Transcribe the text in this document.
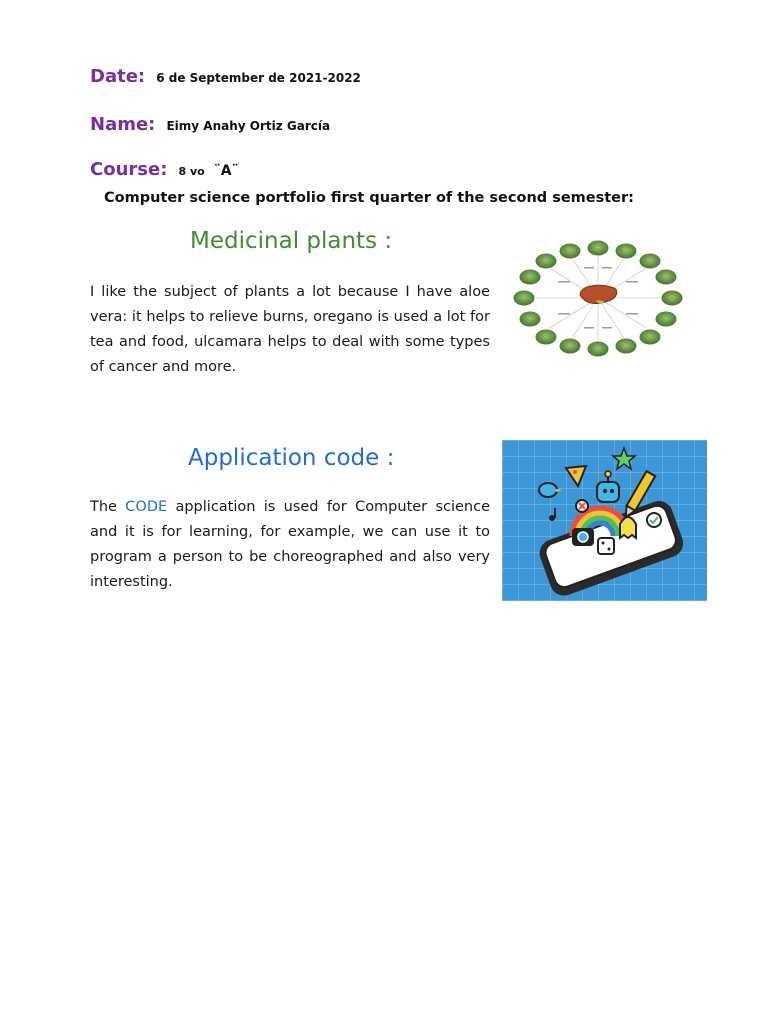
Date: 6 de September de 2021-2022
Name: Eimy Anahy Ortiz García
Course: 8 vo ¨A¨
Computer science portfolio first quarter of the second semester:
Medicinal plants :
I like the subject of plants a lot because I have aloe vera: it helps to relieve burns, oregano is used a lot for tea and food, ulcamara helps to deal with some types of cancer and more.
Application code :
The CODE application is used for Computer science and it is for learning, for example, we can use it to program a person to be choreographed and also very interesting.
